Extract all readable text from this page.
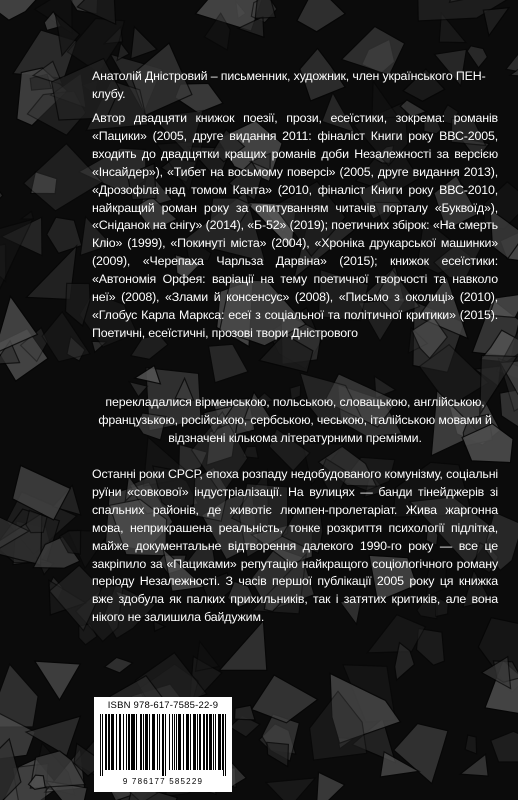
Анатолій Дністровий – письменник, художник, член українського ПЕН-клубу.

Автор двадцяти книжок поезії, прози, есеїстики, зокрема: романів «Пацики» (2005, друге видання 2011: фіналіст Книги року ВВС-2005, входить до двадцятки кращих романів доби Незалежності за версією «Інсайдер»), «Тибет на восьмому поверсі» (2005, друге видання 2013), «Дрозофіла над томом Канта» (2010, фіналіст Книги року ВВС-2010, найкращий роман року за опитуванням читачів порталу «Буквоїд»), «Сніданок на снігу» (2014), «Б-52» (2019); поетичних збірок: «На смерть Кліо» (1999), «Покинуті міста» (2004), «Хроніка друкарської машинки» (2009), «Черепаха Чарльза Дарвіна» (2015); книжок есеїстики: «Автономія Орфея: варіації на тему поетичної творчості та навколо неї» (2008), «Злами й консенсус» (2008), «Письмо з околиці» (2010), «Глобус Карла Маркса: есеї з соціальної та політичної критики» (2015). Поетичні, есеїстичні, прозові твори Дністрового

перекладалися вірменською, польською, словацькою, англійською, французькою, російською, сербською, чеською, італійською мовами й відзначені кількома літературними преміями.

Останні роки СРСР, епоха розпаду недобудованого комунізму, соціальні руїни «совкової» індустріалізації. На вулицях — банди тінейджерів зі спальних районів, де животіє люмпен-пролетаріат. Жива жаргонна мова, неприкрашена реальність, тонке розкриття психології підлітка, майже документальне відтворення далекого 1990-го року — все це закріпило за «Пациками» репутацію найкращого соціологічного роману періоду Незалежності. З часів першої публікації 2005 року ця книжка вже здобула як палких прихильників, так і затятих критиків, але вона нікого не залишила байдужим.

ISBN 978-617-7585-22-9
9 786177 585229
